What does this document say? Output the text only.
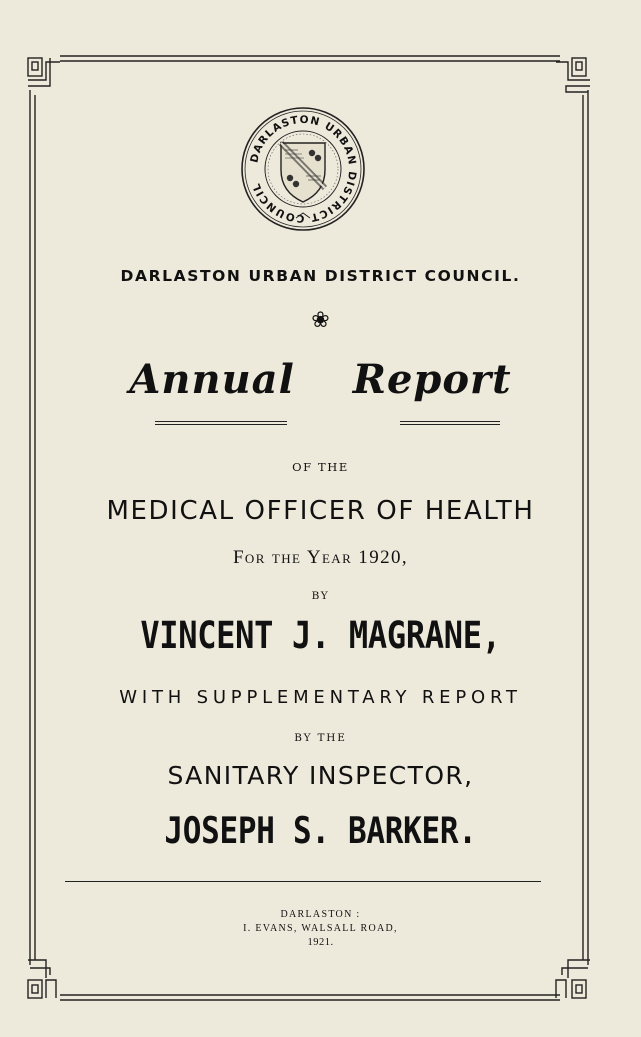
DARLASTON URBAN DISTRICT COUNCIL
DARLASTON URBAN DISTRICT COUNCIL.
❀
Annual Report
OF THE
MEDICAL OFFICER OF HEALTH
For the Year 1920,
BY
VINCENT J. MAGRANE,
WITH SUPPLEMENTARY REPORT
BY THE
SANITARY INSPECTOR,
JOSEPH S. BARKER.
DARLASTON :
I. EVANS, WALSALL ROAD,
1921.
